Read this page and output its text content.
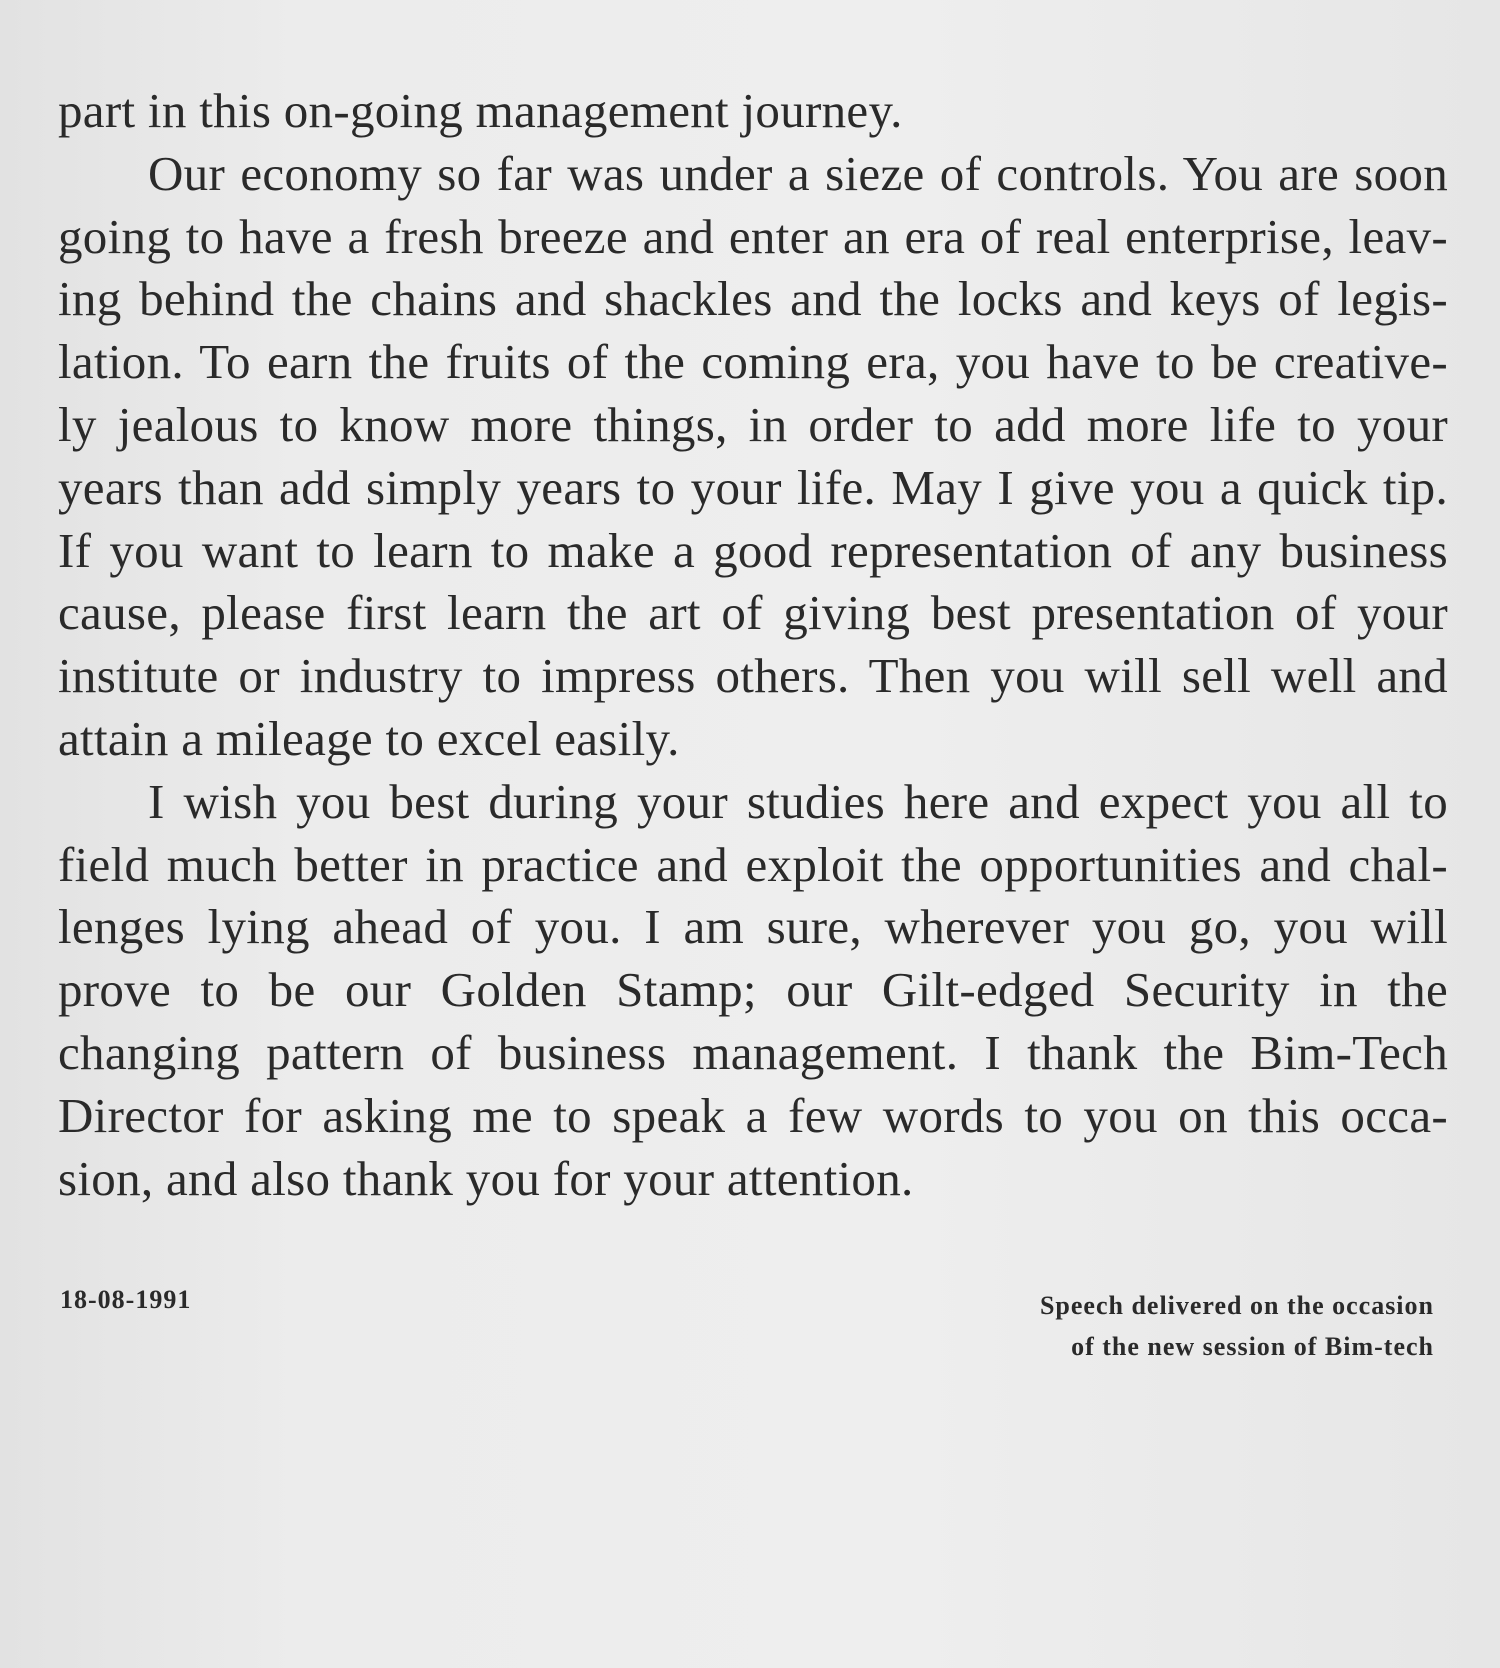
part in this on-going management journey.

Our economy so far was under a sieze of controls. You are soon going to have a fresh breeze and enter an era of real enterprise, leav- ing behind the chains and shackles and the locks and keys of legis- lation. To earn the fruits of the coming era, you have to be creative- ly jealous to know more things, in order to add more life to your years than add simply years to your life. May I give you a quick tip. If you want to learn to make a good representation of any business cause, please first learn the art of giving best presentation of your institute or industry to impress others. Then you will sell well and attain a mileage to excel easily.

I wish you best during your studies here and expect you all to field much better in practice and exploit the opportunities and chal- lenges lying ahead of you. I am sure, wherever you go, you will prove to be our Golden Stamp; our Gilt-edged Security in the changing pattern of business management. I thank the Bim-Tech Director for asking me to speak a few words to you on this occa- sion, and also thank you for your attention.

18-08-1991	Speech delivered on the occasion
of the new session of Bim-tech
